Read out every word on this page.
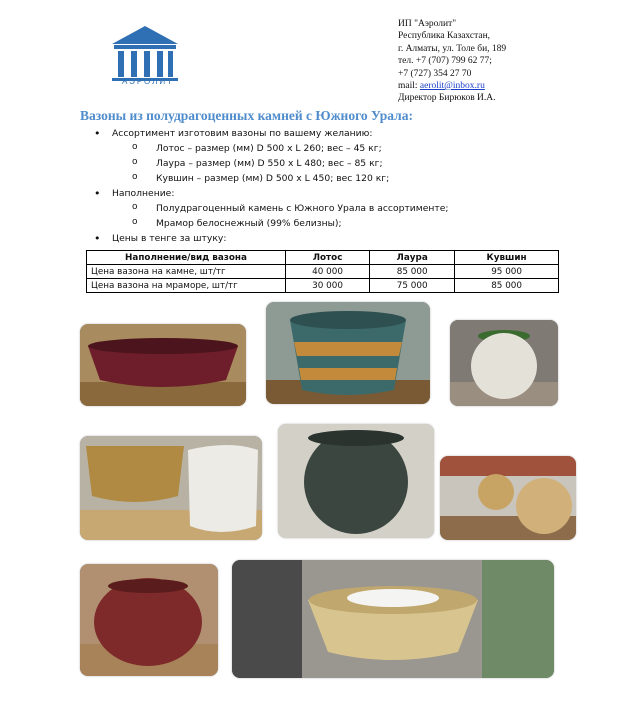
АЭРОЛИТ
ИП "Аэролит"
Республика Казахстан,
г. Алматы, ул. Толе би, 189
тел. +7 (707) 799 62 77;
+7 (727) 354 27 70
mail: aerolit@inbox.ru
Директор Бирюков И.А.
Вазоны из полудрагоценных камней с Южного Урала:
• Ассортимент изготовим вазоны по вашему желанию:
o Лотос – размер (мм) D 500 x L 260; вес – 45 кг;
o Лаура – размер (мм) D 550 x L 480; вес – 85 кг;
o Кувшин – размер (мм) D 500 x L 450; вес 120 кг;
• Наполнение:
o Полудрагоценный камень с Южного Урала в ассортименте;
o Мрамор белоснежный (99% белизны);
• Цены в тенге за штуку:
Наполнение/вид вазона	Лотос	Лаура	Кувшин
Цена вазона на камне, шт/тг	40 000	85 000	95 000
Цена вазона на мраморе, шт/тг	30 000	75 000	85 000
